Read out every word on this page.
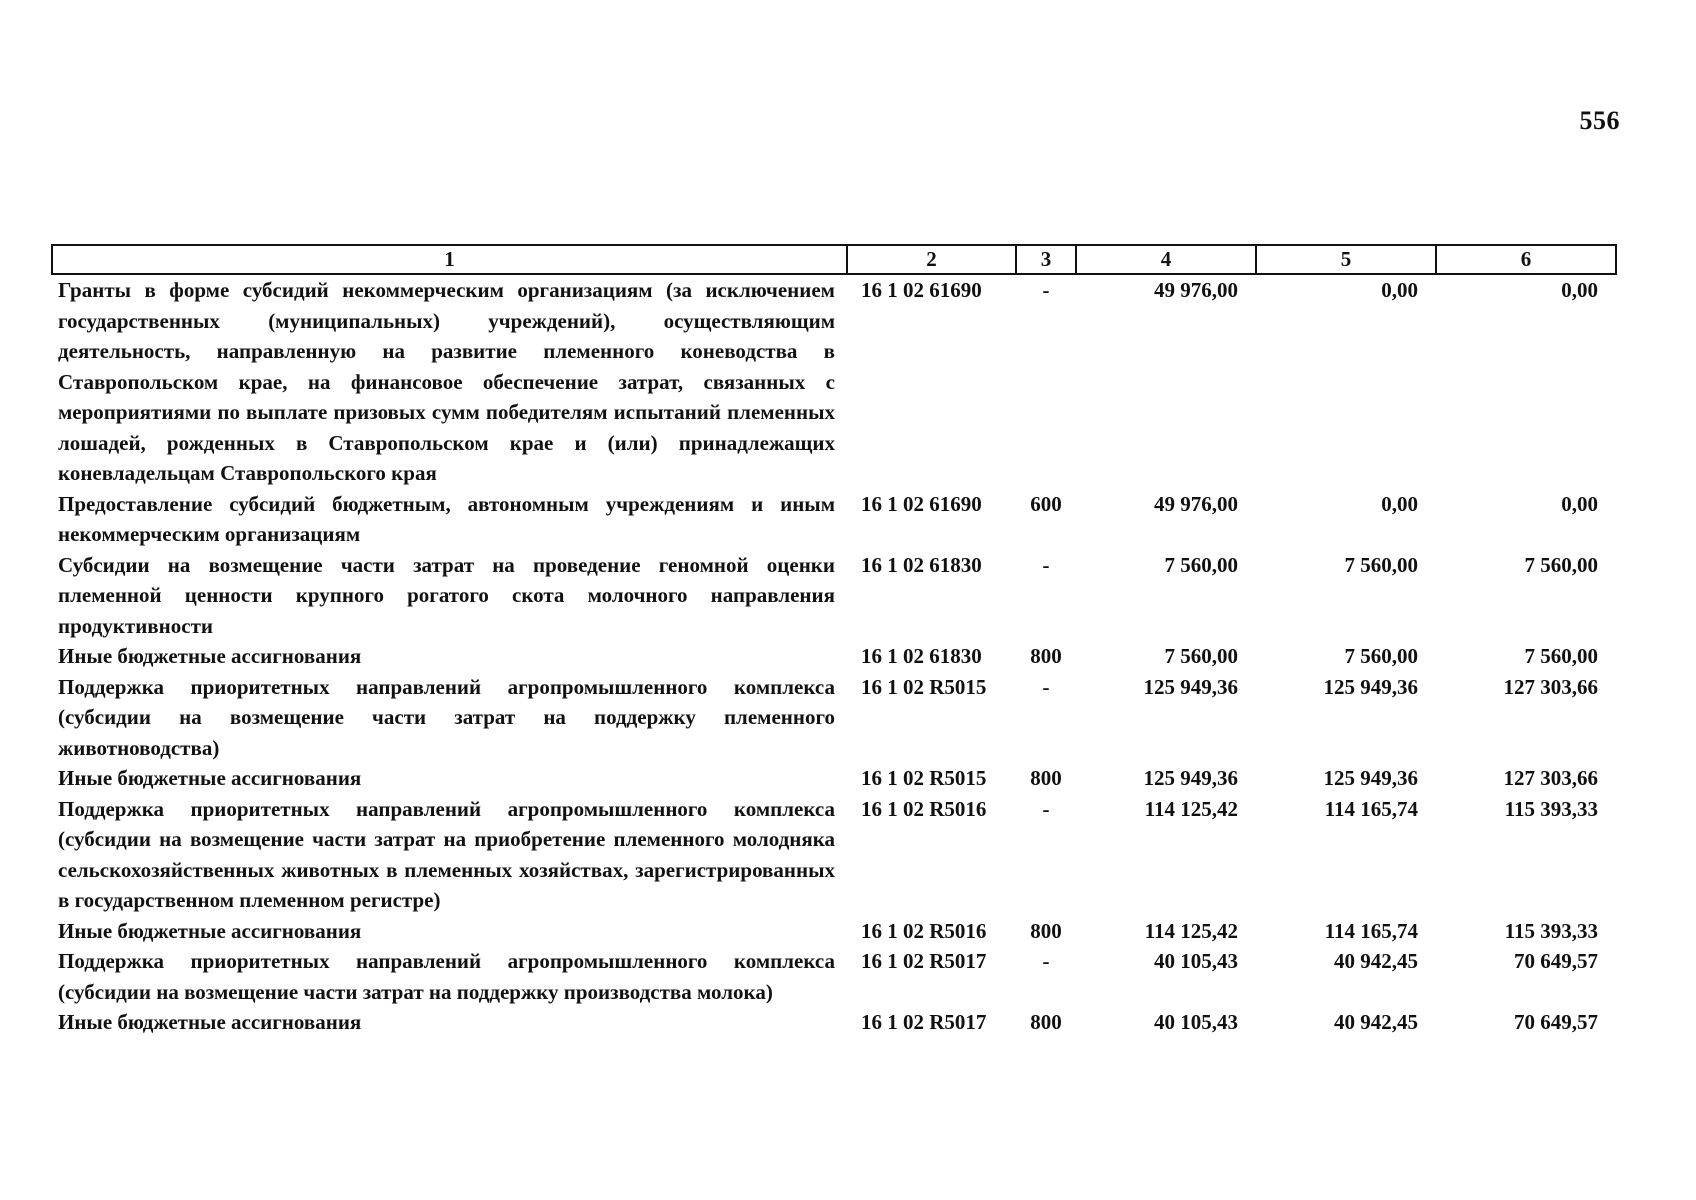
556
1	2	3	4	5	6
Гранты в форме субсидий некоммерческим организациям (за исключением государственных (муниципальных) учреждений), осуществляющим деятельность, направленную на развитие племенного коневодства в Ставропольском крае, на финансовое обеспечение затрат, связанных с мероприятиями по выплате призовых сумм победителям испытаний племенных лошадей, рожденных в Ставропольском крае и (или) принадлежащих коневладельцам Ставропольского края	16 1 02 61690	-	49 976,00	0,00	0,00
Предоставление субсидий бюджетным, автономным учреждениям и иным некоммерческим организациям	16 1 02 61690	600	49 976,00	0,00	0,00
Субсидии на возмещение части затрат на проведение геномной оценки племенной ценности крупного рогатого скота молочного направления продуктивности	16 1 02 61830	-	7 560,00	7 560,00	7 560,00
Иные бюджетные ассигнования	16 1 02 61830	800	7 560,00	7 560,00	7 560,00
Поддержка приоритетных направлений агропромышленного комплекса (субсидии на возмещение части затрат на поддержку племенного животноводства)	16 1 02 R5015	-	125 949,36	125 949,36	127 303,66
Иные бюджетные ассигнования	16 1 02 R5015	800	125 949,36	125 949,36	127 303,66
Поддержка приоритетных направлений агропромышленного комплекса (субсидии на возмещение части затрат на приобретение племенного молодняка сельскохозяйственных животных в племенных хозяйствах, зарегистрированных в государственном племенном регистре)	16 1 02 R5016	-	114 125,42	114 165,74	115 393,33
Иные бюджетные ассигнования	16 1 02 R5016	800	114 125,42	114 165,74	115 393,33
Поддержка приоритетных направлений агропромышленного комплекса (субсидии на возмещение части затрат на поддержку производства молока)	16 1 02 R5017	-	40 105,43	40 942,45	70 649,57
Иные бюджетные ассигнования	16 1 02 R5017	800	40 105,43	40 942,45	70 649,57
